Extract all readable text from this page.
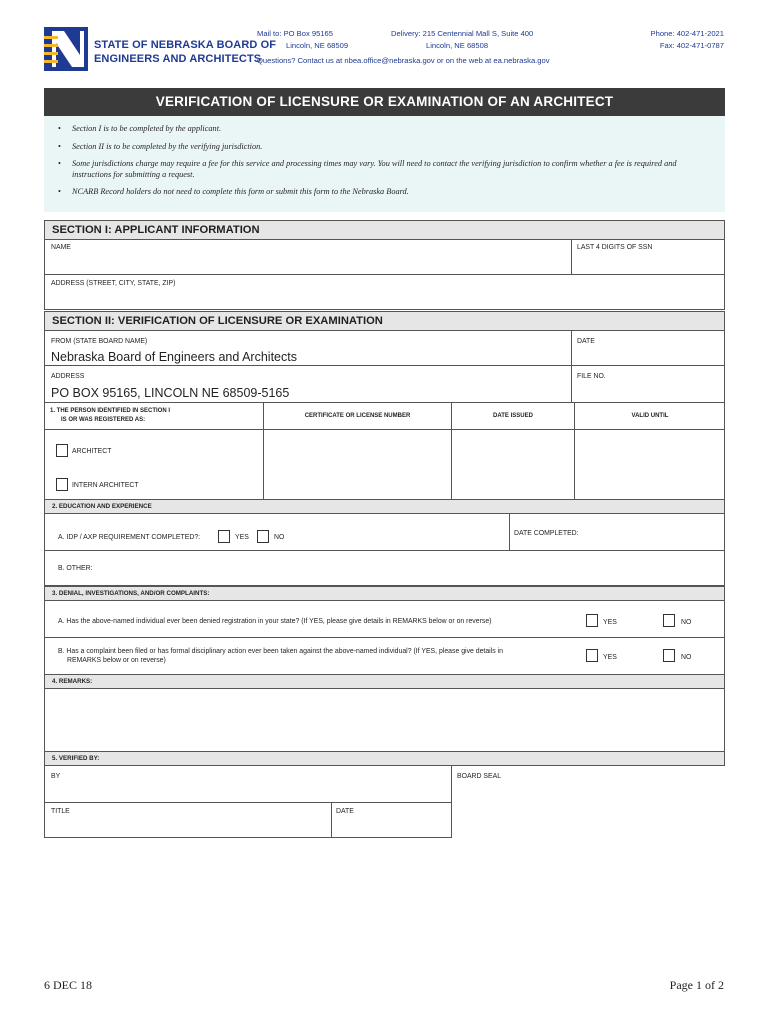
STATE OF NEBRASKA BOARD OF
ENGINEERS AND ARCHITECTS
Mail to: PO Box 95165
Lincoln, NE 68509
Delivery: 215 Centennial Mall S, Suite 400
Lincoln, NE 68508
Phone: 402-471-2021
Fax: 402-471-0787
Questions? Contact us at nbea.office@nebraska.gov or on the web at ea.nebraska.gov
VERIFICATION OF LICENSURE OR EXAMINATION OF AN ARCHITECT
• Section I is to be completed by the applicant.
• Section II is to be completed by the verifying jurisdiction.
• Some jurisdictions charge may require a fee for this service and processing times may vary. You will need to contact the verifying jurisdiction to confirm whether a fee is required and instructions for submitting a request.
• NCARB Record holders do not need to complete this form or submit this form to the Nebraska Board.
SECTION I: APPLICANT INFORMATION
NAME	LAST 4 DIGITS OF SSN
ADDRESS (STREET, CITY, STATE, ZIP)
SECTION II: VERIFICATION OF LICENSURE OR EXAMINATION
FROM (STATE BOARD NAME)
Nebraska Board of Engineers and Architects
DATE
ADDRESS
PO BOX 95165, LINCOLN NE 68509-5165
FILE NO.
1. THE PERSON IDENTIFIED IN SECTION I
IS OR WAS REGISTERED AS:
CERTIFICATE OR LICENSE NUMBER	DATE ISSUED	VALID UNTIL
ARCHITECT
INTERN ARCHITECT
2. EDUCATION AND EXPERIENCE
A. IDP / AXP REQUIREMENT COMPLETED?:	YES	NO
DATE COMPLETED:
B. OTHER:
3. DENIAL, INVESTIGATIONS, AND/OR COMPLAINTS:
A. Has the above-named individual ever been denied registration in your state? (If YES, please give details in REMARKS below or on reverse)	YES	NO
B. Has a complaint been filed or has formal disciplinary action ever been taken against the above-named individual? (If YES, please give details in
REMARKS below or on reverse)	YES	NO
4. REMARKS:
5. VERIFIED BY:
BY	BOARD SEAL
TITLE	DATE
6 DEC 18	Page 1 of 2
